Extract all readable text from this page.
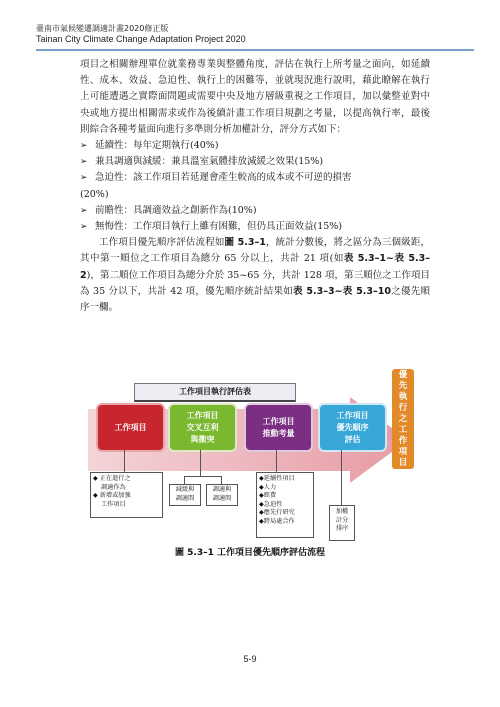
臺南市氣候變遷調適計畫2020修正版
Tainan City Climate Change Adaptation Project 2020

項目之相關辦理單位就業務專業與整體角度，評估在執行上所考量之面向，如延續性、成本、效益、急迫性、執行上的困難等，並就現況進行說明，藉此瞭解在執行上可能遭遇之實際面問題或需要中央及地方層級重視之工作項目，加以彙整並對中央或地方提出相關需求或作為後續計畫工作項目規劃之考量，以提高執行率，最後則綜合各種考量面向進行多準則分析加權計分，評分方式如下：

➢ 延續性：每年定期執行(40%)
➢ 兼具調適與減緩：兼具溫室氣體排放減緩之效果(15%)
➢ 急迫性：該工作項目若延遲會產生較高的成本或不可逆的損害
(20%)
➢ 前瞻性：具調適效益之創新作為(10%)
➢ 無悔性：工作項目執行上雖有困難，但仍具正面效益(15%)

工作項目優先順序評估流程如圖 5.3–1，統計分數後，將之區分為三個級距，其中第一順位之工作項目為總分 65 分以上，共計 21 項(如表 5.3–1~表 5.3–2)，第二順位工作項目為總分介於 35~65 分，共計 128 項，第三順位之工作項目為 35 分以下，共計 42 項，優先順序統計結果如表 5.3–3~表 5.3–10之優先順序一欄。

工作項目執行評估表
工作項目
工作項目
交叉互利
與衝突
工作項目
推動考量
工作項目
優先順序
評估
優
先
執
行
之
工
作
項
目
◆ 正在進行之
調適作為
◆ 新增或加強
工作項目
減緩與
調適間
調適與
調適間
◆延續性項目
◆人力
◆經費
◆急迫性
◆應先行研究
◆跨局處合作
加權
計分
排序
圖 5.3–1 工作項目優先順序評估流程
5-9
